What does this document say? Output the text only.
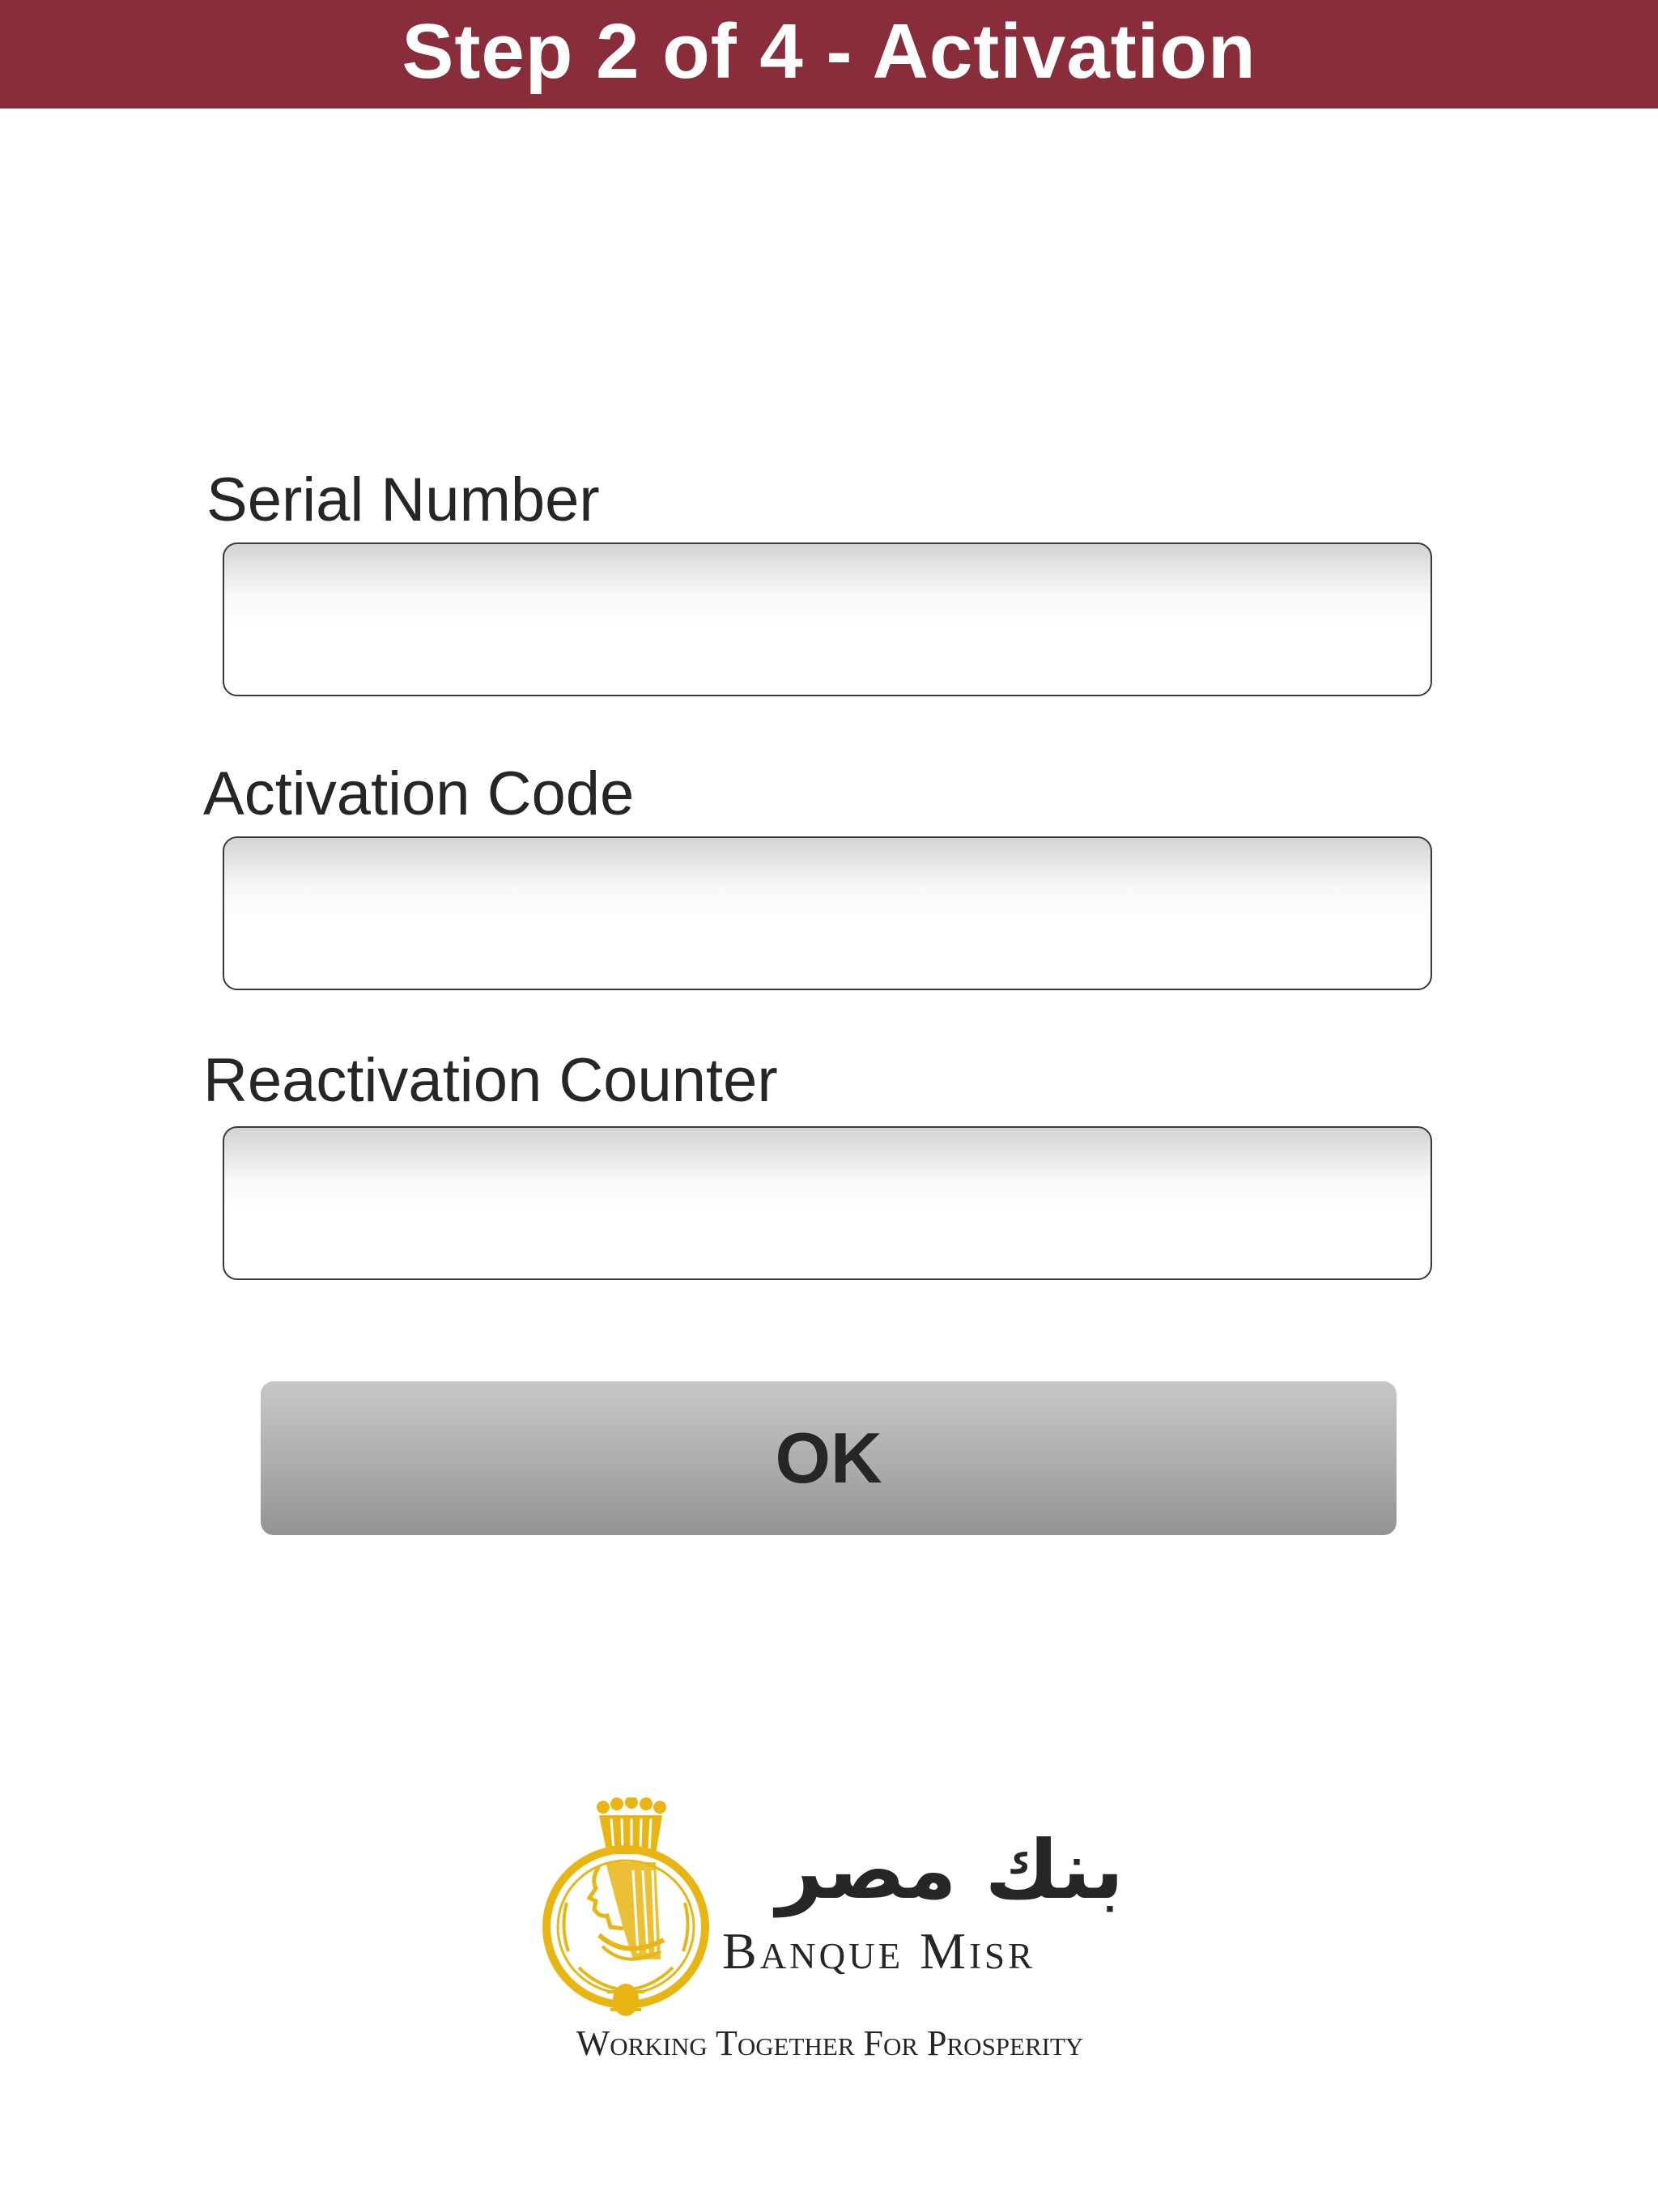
Step 2 of 4 - Activation
Serial Number
Activation Code
Reactivation Counter
OK
بنك مصر
Banque Misr
Working Together For Prosperity
